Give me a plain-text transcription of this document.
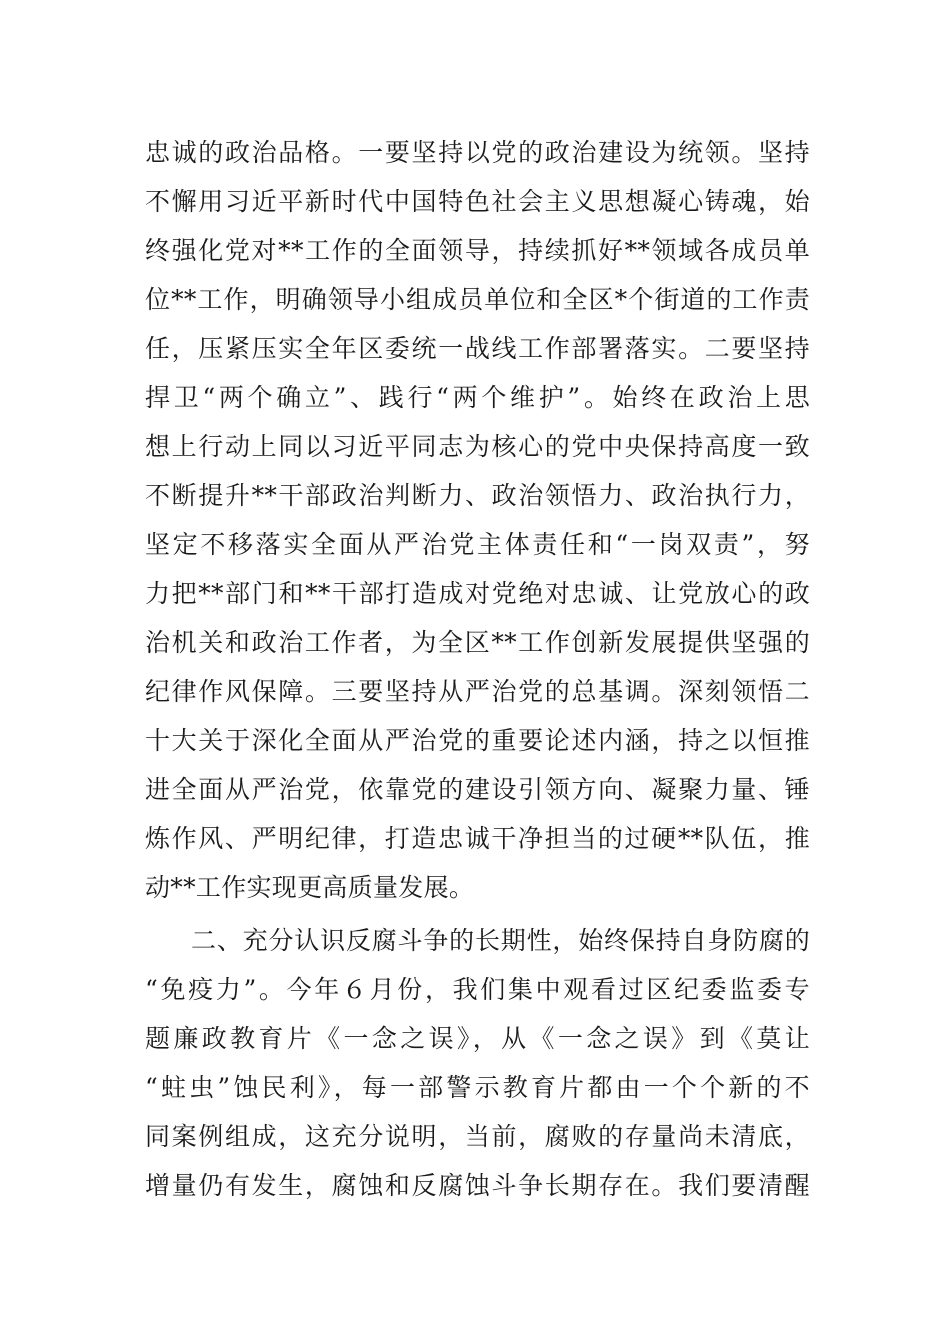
忠诚的政治品格。一要坚持以党的政治建设为统领。坚持
不懈用习近平新时代中国特色社会主义思想凝心铸魂，始
终强化党对**工作的全面领导，持续抓好**领域各成员单
位**工作，明确领导小组成员单位和全区*个街道的工作责
任，压紧压实全年区委统一战线工作部署落实。二要坚持
捍卫“两个确立”、践行“两个维护”。始终在政治上思
想上行动上同以习近平同志为核心的党中央保持高度一致
不断提升**干部政治判断力、政治领悟力、政治执行力，
坚定不移落实全面从严治党主体责任和“一岗双责”，努
力把**部门和**干部打造成对党绝对忠诚、让党放心的政
治机关和政治工作者，为全区**工作创新发展提供坚强的
纪律作风保障。三要坚持从严治党的总基调。深刻领悟二
十大关于深化全面从严治党的重要论述内涵，持之以恒推
进全面从严治党，依靠党的建设引领方向、凝聚力量、锤
炼作风、严明纪律，打造忠诚干净担当的过硬**队伍，推
动**工作实现更高质量发展。
二、充分认识反腐斗争的长期性，始终保持自身防腐的
“免疫力”。今年６月份，我们集中观看过区纪委监委专
题廉政教育片《一念之误》，从《一念之误》到《莫让
“蛀虫”蚀民利》，每一部警示教育片都由一个个新的不
同案例组成，这充分说明，当前，腐败的存量尚未清底，
增量仍有发生，腐蚀和反腐蚀斗争长期存在。我们要清醒
